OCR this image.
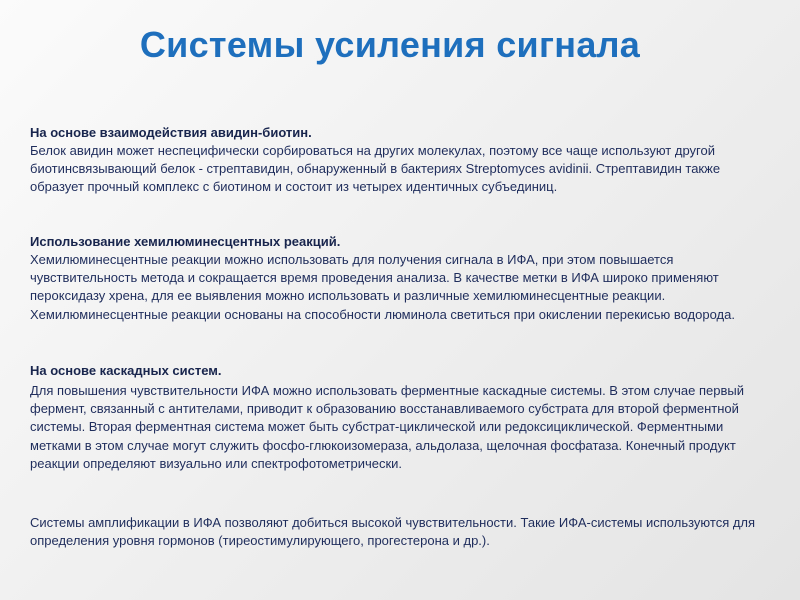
Системы усиления сигнала
На основе взаимодействия авидин-биотин.

Белок авидин может неспецифически сорбироваться на других молекулах, поэтому все чаще используют другой биотинсвязывающий белок - стрептавидин, обнаруженный в бактериях Streptomyces avidinii. Стрептавидин также образует прочный комплекс с биотином и состоит из четырех идентичных субъединиц.

Использование хемилюминесцентных реакций.

Хемилюминесцентные реакции можно использовать для получения сигнала в ИФА, при этом повышается чувствительность метода и сокращается время проведения анализа. В качестве метки в ИФА широко применяют пероксидазу хрена, для ее выявления можно использовать и различные хемилюминесцентные реакции. Хемилюминесцентные реакции основаны на способности люминола светиться при окислении перекисью водорода.

На основе каскадных систем.

Для повышения чувствительности ИФА можно использовать ферментные каскадные системы. В этом случае первый фермент, связанный с антителами, приводит к образованию восстанавливаемого субстрата для второй ферментной системы. Вторая ферментная система может быть субстрат-циклической или редоксициклической. Ферментными метками в этом случае могут служить фосфо-глюкоизомераза, альдолаза, щелочная фосфатаза. Конечный продукт реакции определяют визуально или спектрофотометрически.

Системы амплификации в ИФА позволяют добиться высокой чувствительности. Такие ИФА-системы используются для определения уровня гормонов (тиреостимулирующего, прогестерона и др.).
